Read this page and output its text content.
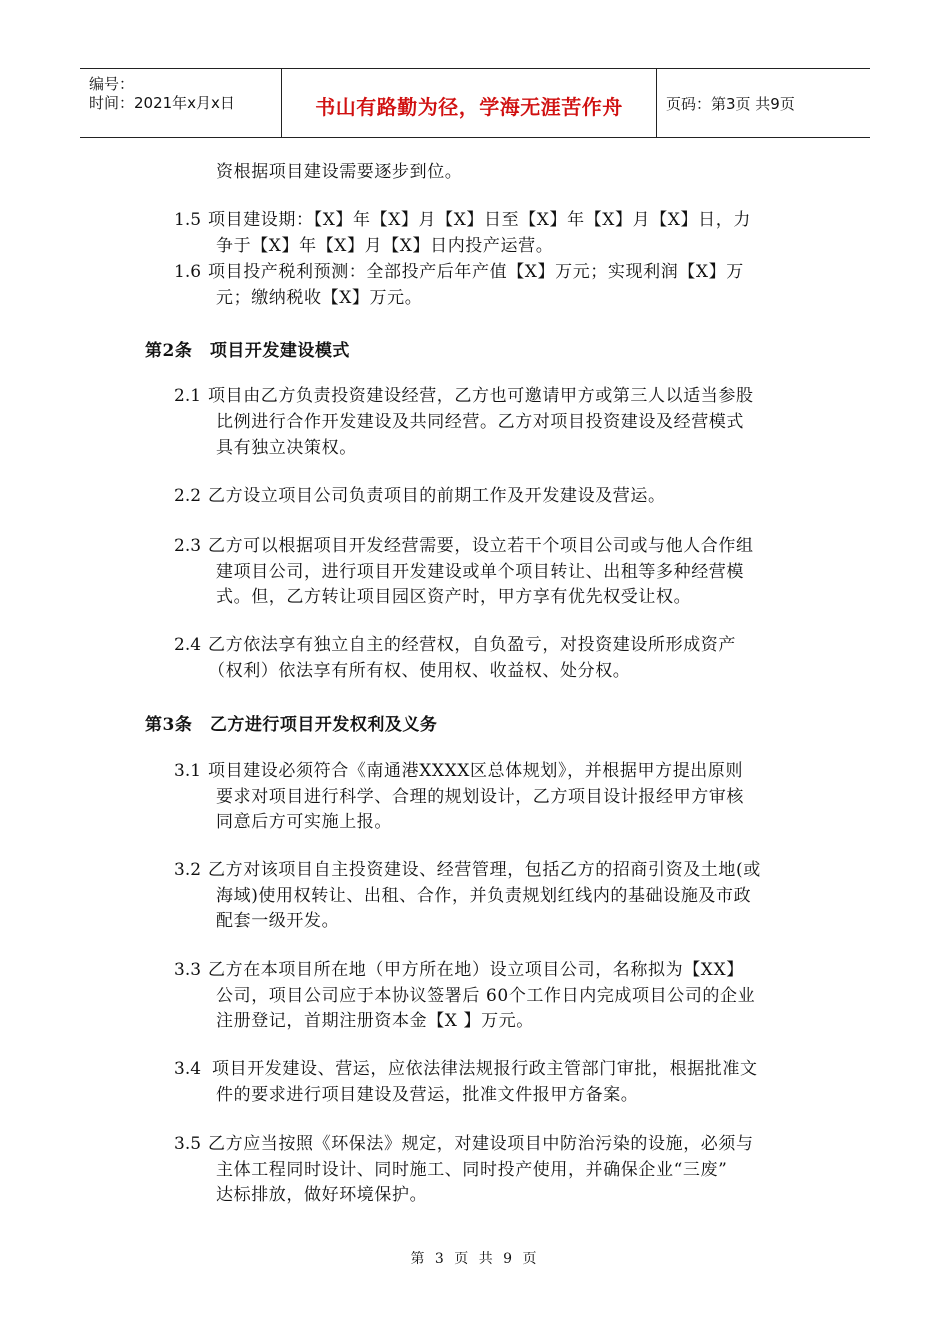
编号：
时间：2021年x月x日	书山有路勤为径，学海无涯苦作舟	页码：第3页 共9页
资根据项目建设需要逐步到位。
1.5 项目建设期：【X】年【X】月【X】日至【X】年【X】月【X】日，力
争于【X】年【X】月【X】日内投产运营。
1.6 项目投产税利预测：全部投产后年产值【X】万元；实现利润【X】万
元；缴纳税收【X】万元。
第2条　项目开发建设模式
2.1 项目由乙方负责投资建设经营，乙方也可邀请甲方或第三人以适当参股
比例进行合作开发建设及共同经营。乙方对项目投资建设及经营模式
具有独立决策权。
2.2 乙方设立项目公司负责项目的前期工作及开发建设及营运。
2.3 乙方可以根据项目开发经营需要，设立若干个项目公司或与他人合作组
建项目公司，进行项目开发建设或单个项目转让、出租等多种经营模
式。但，乙方转让项目园区资产时，甲方享有优先权受让权。
2.4 乙方依法享有独立自主的经营权，自负盈亏，对投资建设所形成资产
（权利）依法享有所有权、使用权、收益权、处分权。
第3条　乙方进行项目开发权利及义务
3.1 项目建设必须符合《南通港XXXX区总体规划》，并根据甲方提出原则
要求对项目进行科学、合理的规划设计，乙方项目设计报经甲方审核
同意后方可实施上报。
3.2 乙方对该项目自主投资建设、经营管理，包括乙方的招商引资及土地(或
海域)使用权转让、出租、合作，并负责规划红线内的基础设施及市政
配套一级开发。
3.3 乙方在本项目所在地（甲方所在地）设立项目公司，名称拟为【XX】
公司，项目公司应于本协议签署后 60个工作日内完成项目公司的企业
注册登记，首期注册资本金【X 】万元。
3.4 项目开发建设、营运，应依法律法规报行政主管部门审批，根据批准文
件的要求进行项目建设及营运，批准文件报甲方备案。
3.5 乙方应当按照《环保法》规定，对建设项目中防治污染的设施，必须与
主体工程同时设计、同时施工、同时投产使用，并确保企业“三废”
达标排放，做好环境保护。
第 3 页 共 9 页
